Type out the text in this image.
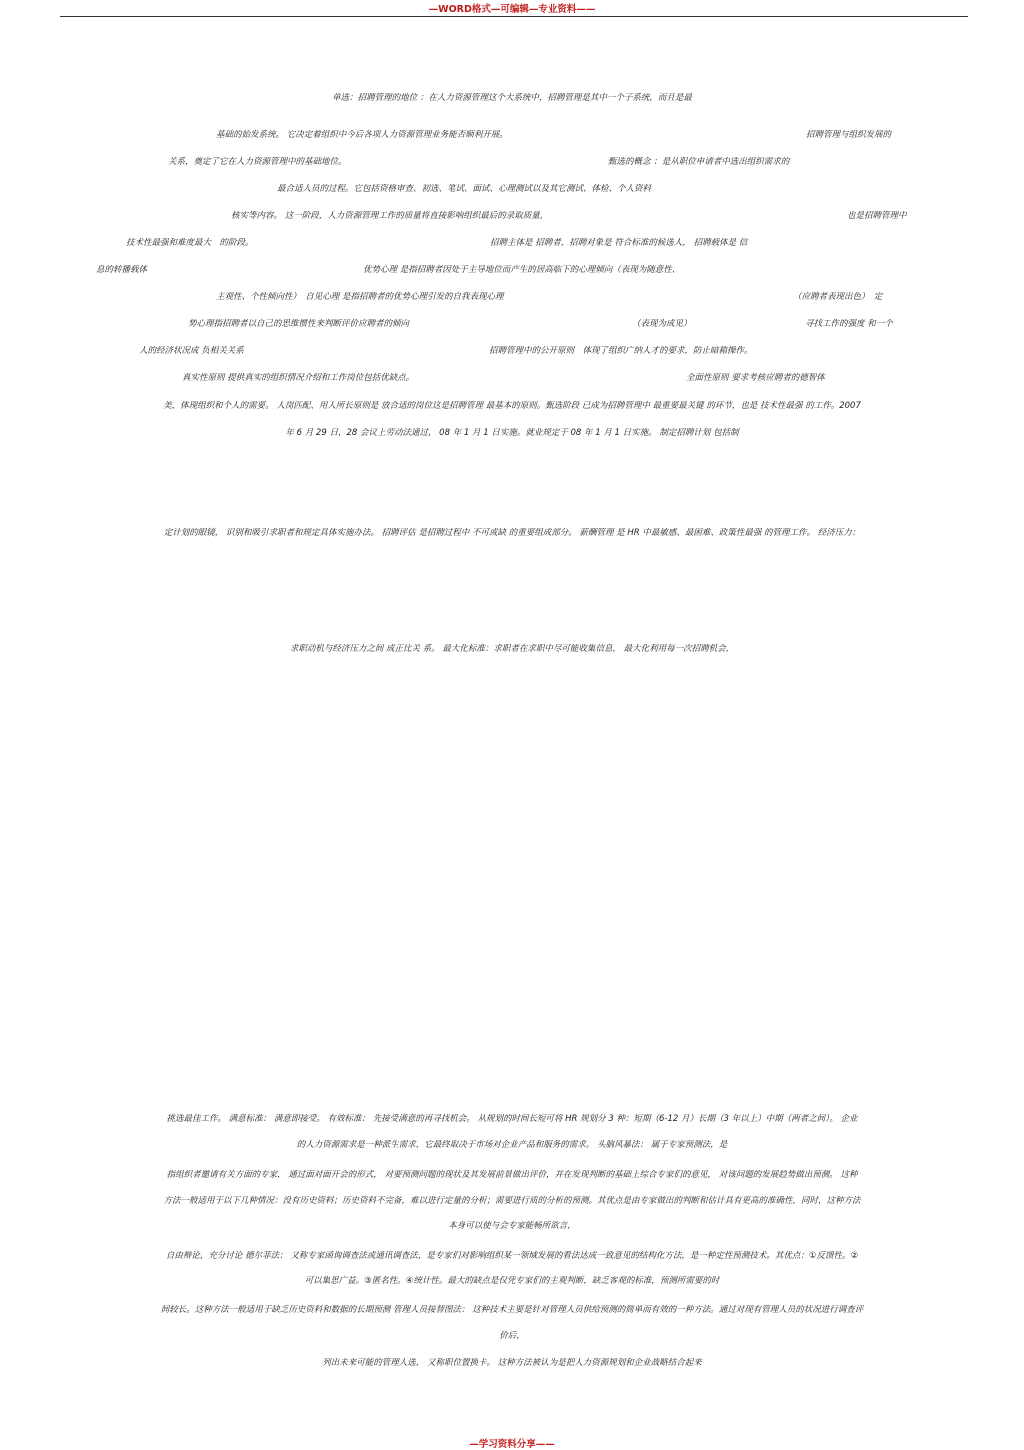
—WORD格式—可编辑—专业资料——
单选：招聘管理的地位 ：在人力资源管理这个大系统中，招聘管理是其中一个子系统，而且是最
基础的始发系统。 它决定着组织中今后各项人力资源管理业务能否顺利开展。	招聘管理与组织发展的
关系，奠定了它在人力资源管理中的基础地位。	甄选的概念 ：是从职位申请者中选出组织需求的
最合适人员的过程。它包括资格审查、初选、笔试、面试、心理测试以及其它测试、体检、个人资料
核实等内容。 这一阶段，人力资源管理工作的质量将直接影响组织最后的录取质量，	也是招聘管理中
技术性最强和难度最大　的阶段。	招聘主体是 招聘者，招聘对象是 符合标准的候选人， 招聘载体是 信
息的转播载体	优势心理 是指招聘者因处于主导地位而产生的居高临下的心理倾向（表现为随意性、
主观性、个性倾向性）　自见心理 是指招聘者的优势心理引发的自我表现心理	（应聘者表现出色）　定
势心理指招聘者以自己的思维惯性来判断评价应聘者的倾向	（表现为成见）	寻找工作的强度 和一个
人的经济状况成 负相关关系	招聘管理中的公开原则　体现了组织广纳人才的要求，防止暗箱操作。
真实性原则 提供真实的组织情况介绍和工作岗位包括优缺点。	全面性原则 要求考核应聘者的德智体
美，体现组织和个人的需要。 人岗匹配、用人所长原则是 放合适的岗位这是招聘管理 最基本的原则。甄选阶段 已成为招聘管理中 最重要最关键 的环节，也是 技术性最强 的工作。2007
年 6 月 29 日，28 会议上劳动法通过， 08 年 1 月 1 日实施。就业规定于 08 年 1 月 1 日实施。 制定招聘计划 包括制
定计划的眼镜， 识别和吸引求职者和规定具体实施办法。 招聘评估 是招聘过程中 不可或缺 的重要组成部分。 薪酬管理 是 HR 中最敏感、最困难、政策性最强 的管理工作。 经济压力：
求职动机与经济压力之间 成正比关 系。 最大化标准：求职者在求职中尽可能收集信息， 最大化利用每一次招聘机会，
挑选最佳工作。 满意标准： 满意即接受。 有效标准： 先接受满意的再寻找机会。 从规划的时间长短可将 HR 规划分 3 种：短期（6-12 月）长期（3 年以上）中期（两者之间）。 企业
的人力资源需求是一种派生需求，它最终取决于市场对企业产品和服务的需求。 头脑风暴法： 属于专家预测法，是
指组织者邀请有关方面的专家， 通过面对面开会的形式， 对要预测问题的现状及其发展前景做出评价，并在发现判断的基础上综合专家们的意见， 对该问题的发展趋势做出预测。 这种
方法一般适用于以下几种情况：没有历史资料；历史资料不完备，难以进行定量的分析；需要进行质的分析的预测。其优点是由专家做出的判断和估计具有更高的准确性，同时，这种方法
本身可以使与会专家能畅所欲言，
自由辩论，充分讨论 德尔菲法： 又称专家函询调查法或通讯调查法，是专家们对影响组织某一领域发展的看法达成一致意见的结构化方法，是一种定性预测技术。其优点：①反馈性。②
可以集思广益。③匿名性。④统计性。最大的缺点是仅凭专家们的主观判断，缺乏客观的标准，预测所需要的时
间较长。这种方法一般适用于缺乏历史资料和数据的长期预测 管理人员接替图法： 这种技术主要是针对管理人员供给预测的简单而有效的一种方法。通过对现有管理人员的状况进行调查评
价后，
列出未来可能的管理人选， 又称职位置换卡。 这种方法被认为是把人力资源规划和企业战略结合起来
—学习资料分享——
